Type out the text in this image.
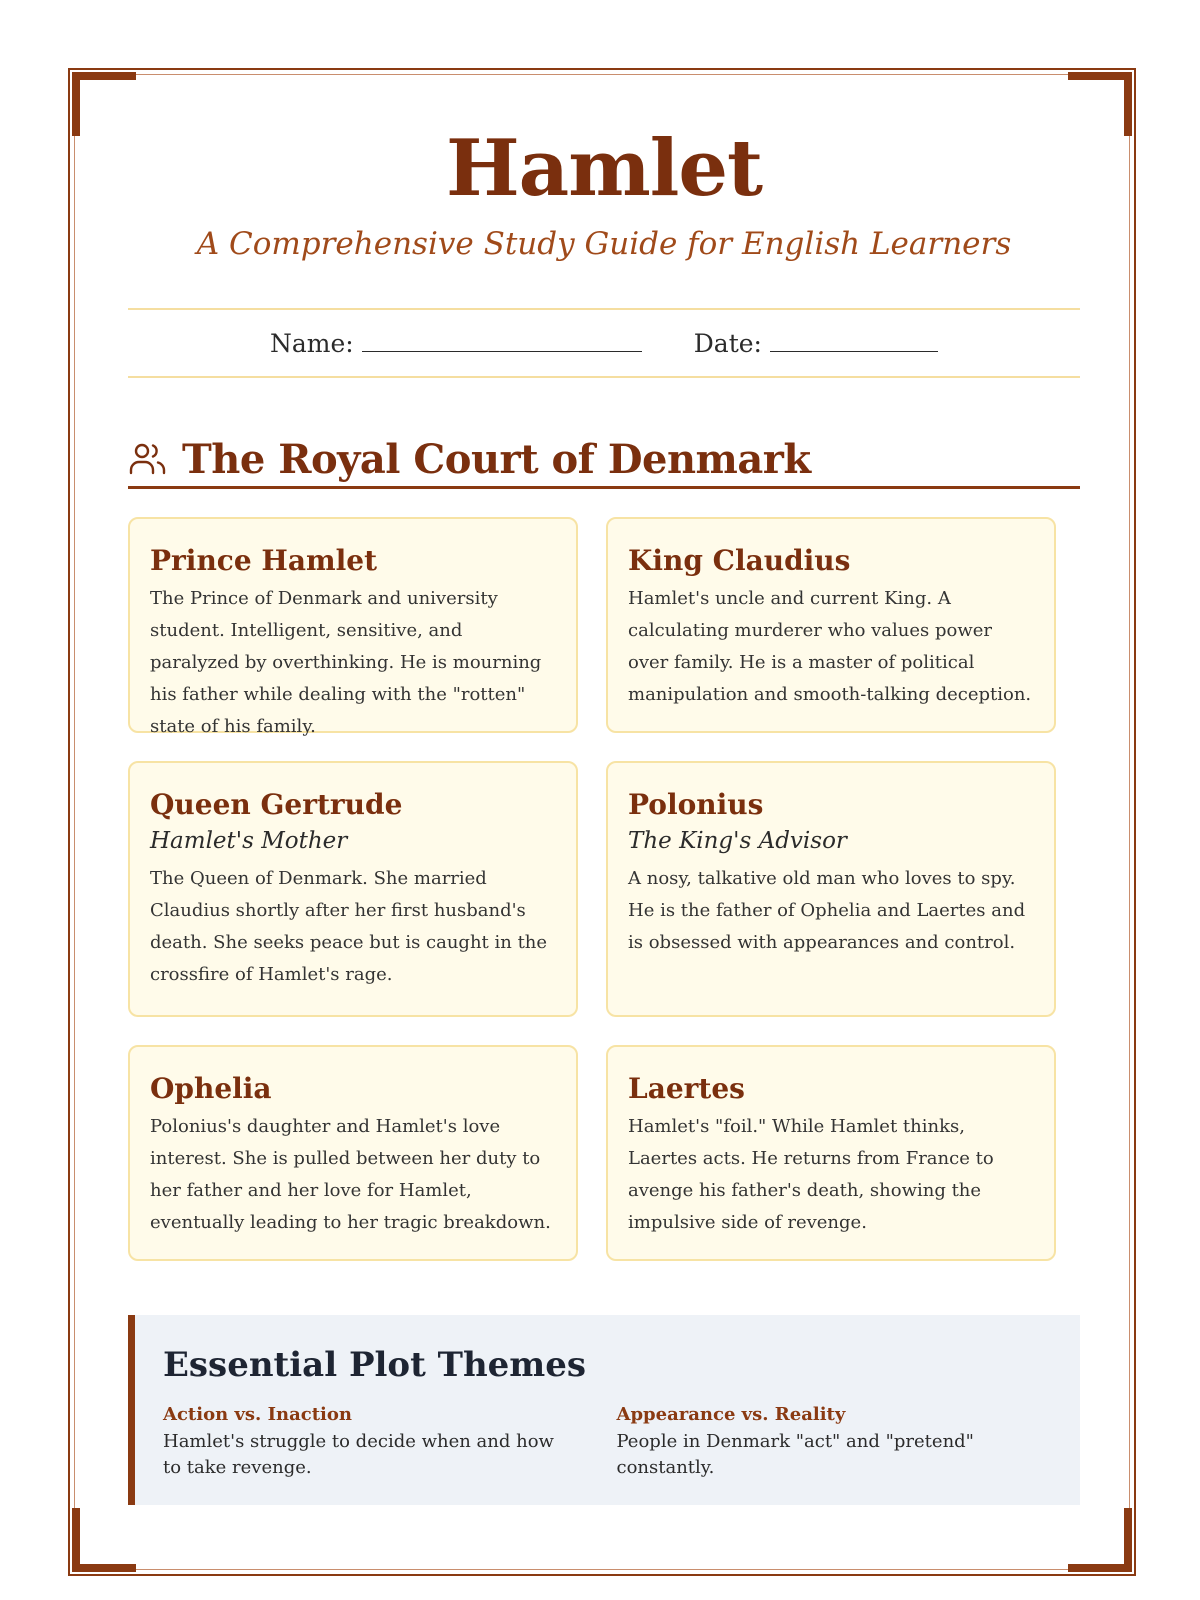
Hamlet
A Comprehensive Study Guide for English Learners
Name:	Date:
The Royal Court of Denmark
Prince Hamlet

The Prince of Denmark and university student. Intelligent, sensitive, and paralyzed by overthinking. He is mourning his father while dealing with the "rotten" state of his family.

King Claudius

Hamlet's uncle and current King. A calculating murderer who values power over family. He is a master of political manipulation and smooth-talking deception.

Queen Gertrude
Hamlet's Mother

The Queen of Denmark. She married Claudius shortly after her first husband's death. She seeks peace but is caught in the crossfire of Hamlet's rage.

Polonius
The King's Advisor

A nosy, talkative old man who loves to spy. He is the father of Ophelia and Laertes and is obsessed with appearances and control.

Ophelia

Polonius's daughter and Hamlet's love interest. She is pulled between her duty to her father and her love for Hamlet, eventually leading to her tragic breakdown.

Laertes

Hamlet's "foil." While Hamlet thinks, Laertes acts. He returns from France to avenge his father's death, showing the impulsive side of revenge.

Essential Plot Themes
Action vs. Inaction
Hamlet's struggle to decide when and how to take revenge.
Appearance vs. Reality
People in Denmark "act" and "pretend" constantly.
